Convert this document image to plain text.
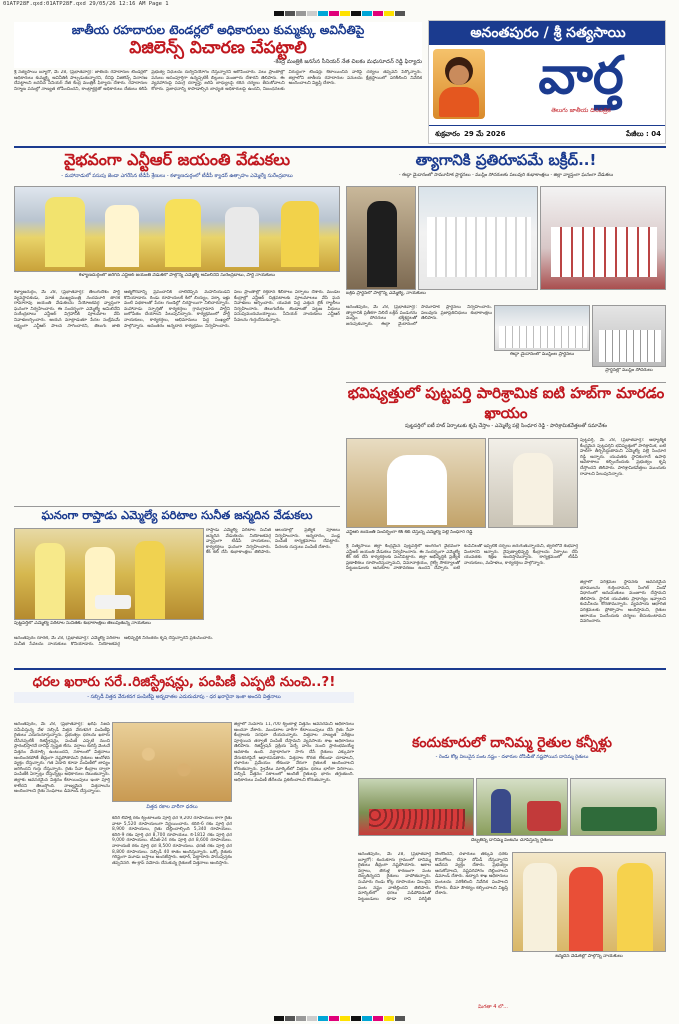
01ATP28F.qxd:01ATP28F.qxd 29/05/26 12:16 AM Page 1
జాతీయ రహదారుల టెండర్లలో అధికారులు కుమ్మక్కు అవినీతిపై
విజిలెన్స్ విచారణ చేపట్టాలి
-కేంద్ర మంత్రికి జనసేన సీనియర్ నేత చిలకం మధుసూదన్ రెడ్డి ఫిర్యాదు
శ్రీ సత్యసాయి బ్యూరో, మే 28, (ప్రభాతవార్త): జాతీయ రహదారుల టెండర్లలో అధికారులు కుమ్మక్కై అవినీతికి పాల్పడుతున్నారని, దీనిపై విజిలెన్స్ విచారణ చేపట్టాలని జనసేన సీనియర్ నేత కేంద్ర మంత్రికి ఫిర్యాదు చేశారు. రహదారుల నిర్మాణ పనుల్లో నాణ్యత లోపించిందని, కాంట్రాక్టర్లతో అధికారులు చేతులు కలిపి ప్రభుత్వ నిధులను దుర్వినియోగం చేస్తున్నారని ఆరోపించారు. పలు ప్రాంతాల్లో పనులు అసంపూర్తిగా ఉన్నప్పటికీ బిల్లులు మంజూరు చేశారని తెలిపారు. ఈ వ్యవహారంపై సమగ్ర దర్యాప్తు జరిపి బాధ్యులపై కఠిన చర్యలు తీసుకోవాలని కోరారు. ప్రజాధనాన్ని కాపాడాల్సిన బాధ్యత అధికారులపై ఉందని, నిబంధనలకు విరుద్ధంగా టెండర్లు కేటాయించిన వారిపై చర్యలు తప్పవని పేర్కొన్నారు. జిల్లాలోని జాతీయ రహదారుల పనులను క్షేత్రస్థాయిలో పరిశీలించి నివేదిక అందించాలని విజ్ఞప్తి చేశారు.
అనంతపురం / శ్రీ సత్యసాయి
వార్త
తెలుగు జాతీయ దినపత్రిక
శుక్రవారం 29 మే 2026	పేజీలు : 04
వైభవంగా ఎన్టీఆర్ జయంతి వేడుకలు
- మహానాడులో పసుపు జెండా ఎగరేసిన టీడీపీ శ్రేణులు - కళ్యాణదుర్గంలో టీడీపీ క్యాడర్ ఉత్సాహం ఎమ్మెల్యే సురేంద్రబాబు
కళ్యాణదుర్గంలో జరిగిన ఎన్టీఆర్ జయంతి వేడుకలో పాల్గొన్న ఎమ్మెల్యే అమిలినేని సురేంద్రబాబు, పార్టీ నాయకులు
కళ్యాణదుర్గం, మే 28, (ప్రభాతవార్త): తెలుగుదేశం పార్టీ వ్యవస్థాపకుడు, మాజీ ముఖ్యమంత్రి నందమూరి తారక రామారావు జయంతి వేడుకలను నియోజకవర్గ వ్యాప్తంగా ఘనంగా నిర్వహించారు. ఈ సందర్భంగా ఎమ్మెల్యే అమిలినేని సురేంద్రబాబు ఎన్టీఆర్ విగ్రహానికి పూలమాల వేసి నివాళులర్పించారు. ఆయన మాట్లాడుతూ పేదల సంక్షేమమే లక్ష్యంగా ఎన్టీఆర్ పాలన సాగించారని, తెలుగు జాతి ఆత్మగౌరవాన్ని ప్రపంచానికి చాటిచెప్పిన మహనీయుడని కొనియాడారు. రెండు రూపాయలకే కిలో బియ్యం, పక్కా ఇళ్లు వంటి పథకాలతో పేదల గుండెల్లో చిరస్థాయిగా నిలిచారన్నారు. మహానాడు స్ఫూర్తితో కార్యకర్తలు గ్రామగ్రామాన పార్టీని బలోపేతం చేయాలని పిలుపునిచ్చారు. కార్యక్రమంలో పార్టీ నాయకులు, కార్యకర్తలు, అభిమానులు పెద్ద సంఖ్యలో పాల్గొన్నారు. అనంతరం అన్నదాన కార్యక్రమం నిర్వహించారు. పలు ప్రాంతాల్లో రక్తదాన శిబిరాలు ఏర్పాటు చేశారు. మండల కేంద్రాల్లో ఎన్టీఆర్ చిత్రపటాలకు పూలమాలలు వేసి ఘన నివాళులు అర్పించారు. యువత పెద్ద ఎత్తున బైక్ ర్యాలీలు నిర్వహించారు. తెలుగుదేశం జెండాలతో పట్టణ వీధులు పసుపుమయమయ్యాయి. సీనియర్ నాయకులు ఎన్టీఆర్ సేవలను గుర్తుచేసుకున్నారు.
త్యాగానికి ప్రతిరూపమే బక్రీద్..!
- ఈద్గా మైదానంలో సామూహిక ప్రార్థనలు - ముస్లిం సోదరులకు పలువురి శుభాకాంక్షలు - జిల్లా వ్యాప్తంగా ఘనంగా వేడుకలు
బక్రీద్ ప్రార్థనలో పాల్గొన్న ఎమ్మెల్యే, నాయకులు
అనంతపురం, మే 28, (ప్రభాతవార్త): త్యాగానికి ప్రతీకగా నిలిచే బక్రీద్ పండుగను ముస్లిం సోదరులు భక్తిశ్రద్ధలతో జరుపుకున్నారు. ఈద్గా మైదానంలో సామూహిక ప్రార్థనలు నిర్వహించారు. పలువురు ప్రజాప్రతినిధులు శుభాకాంక్షలు తెలిపారు.
ఈద్గా మైదానంలో ముస్లింల ప్రార్థనలు
ప్రార్థనల్లో ముస్లిం సోదరులు
భవిష్యత్తులో పుట్టపర్తి పారిశ్రామిక ఐటి హబ్‌గా మారడం ఖాయం
పుట్టపర్తిలో ఐటీ హబ్ ఏర్పాటుకు కృషి చేస్తాం - ఎమ్మెల్యే పల్లె సింధూర రెడ్డి - పారిశ్రామికవేత్తలతో సమావేశం
ఎన్టీఆర్ జయంతి సందర్భంగా కేక్ కట్ చేస్తున్న ఎమ్మెల్యే పల్లె సింధూర రెడ్డి
పుట్టపర్తి, మే 28, (ప్రభాతవార్త): ఆధ్యాత్మిక కేంద్రమైన పుట్టపర్తిని భవిష్యత్తులో పారిశ్రామిక, ఐటి హబ్‌గా తీర్చిదిద్దుతామని ఎమ్మెల్యే పల్లె సింధూర రెడ్డి అన్నారు. యువతకు స్థానికంగానే ఉపాధి అవకాశాలు కల్పించేందుకు ప్రభుత్వం కృషి చేస్తోందని తెలిపారు. పారిశ్రామికవేత్తలు ముందుకు రావాలని పిలుపునిచ్చారు.
శ్రీ సత్యసాయి జిల్లా కేంద్రమైన పుట్టపర్తిలో అంగరంగ వైభవంగా ఎన్టీఆర్ జయంతి వేడుకలు నిర్వహించారు. ఈ సందర్భంగా ఎమ్మెల్యే కేక్ కట్ చేసి కార్యకర్తలకు పంచిపెట్టారు. జిల్లా అభివృద్ధికి ప్రత్యేక ప్రణాళికలు రూపొందిస్తున్నామని, విమానాశ్రయం, రైల్వే సౌకర్యాలతో పెట్టుబడులకు అనుకూల వాతావరణం ఉందని చెప్పారు. ఐటి కంపెనీలతో ఇప్పటికే చర్చలు జరుగుతున్నాయని, త్వరలోనే శుభవార్త వింటారని అన్నారు. నైపుణ్యాభివృద్ధి కేంద్రాలను ఏర్పాటు చేసి యువతకు శిక్షణ అందిస్తామన్నారు. కార్యక్రమంలో టీడీపీ నాయకులు, మహిళలు, కార్యకర్తలు పాల్గొన్నారు.
జిల్లాలో పరిశ్రమల స్థాపనకు అవసరమైన భూములను గుర్తించామని, సింగిల్ విండో విధానంలో అనుమతులు మంజూరు చేస్తామని తెలిపారు. స్థానిక యువతకు ప్రాధాన్యం ఇవ్వాలని కంపెనీలను కోరతామన్నారు. వ్యవసాయ ఆధారిత పరిశ్రమలకు ప్రోత్సాహం అందిస్తామని, రైతుల ఆదాయం పెంచేందుకు చర్యలు తీసుకుంటామని వివరించారు.
ఘనంగా రాప్తాడు ఎమ్మెల్యే పరిటాల సునీత జన్మదిన వేడుకలు
పుట్టపర్తిలో ఎమ్మెల్యే పరిటాల సునీతకు శుభాకాంక్షలు తెలుపుతున్న నాయకులు
రాప్తాడు ఎమ్మెల్యే పరిటాల సునీత జన్మదిన వేడుకలను నియోజకవర్గ వ్యాప్తంగా టీడీపీ నాయకులు, కార్యకర్తలు ఘనంగా నిర్వహించారు. కేక్ కట్ చేసి శుభాకాంక్షలు తెలిపారు. ఆలయాల్లో ప్రత్యేక పూజలు నిర్వహించారు. అన్నదానం, పండ్ల పంపిణీ కార్యక్రమాలు చేపట్టారు. పేదలకు దుస్తులు పంపిణీ చేశారు.
అనంతపురం రూరల్, మే 28, (ప్రభాతవార్త): ఎమ్మెల్యే పరిటాల సునీత సేవలను నాయకులు కొనియాడారు. నియోజకవర్గ అభివృద్ధికి నిరంతరం కృషి చేస్తున్నారని ప్రశంసించారు.
ధరల ఖరారు సరే..రిజిస్ట్రేషన్లు, పంపిణీ ఎప్పటి నుంచి..?!
- సబ్సిడీ విత్తన వేరుశనగ పంపిణీపై అన్నదాతల ఎదురుచూపు - ధర ఖరారైనా ఇంకా అందని విత్తనాలు
అనంతపురం, మే 28, (ప్రభాతవార్త): ఖరీఫ్ సీజన్ సమీపిస్తున్న వేళ సబ్సిడీ విత్తన వేరుశనగ పంపిణీపై రైతులు ఎదురుచూస్తున్నారు. ప్రభుత్వం ధరలను ఖరారు చేసినప్పటికీ రిజిస్ట్రేషన్లు, పంపిణీ ఎప్పటి నుంచి ప్రారంభిస్తారనే దానిపై స్పష్టత లేదు. వర్షాలు కురిస్తే వెంటనే విత్తనం వేయాల్సి ఉంటుందని, సకాలంలో విత్తనాలు అందించకపోతే తీవ్రంగా నష్టపోతామని రైతులు ఆందోళన వ్యక్తం చేస్తున్నారు. గత ఏడాది కూడా పంపిణీలో జాప్యం జరిగిందని గుర్తు చేస్తున్నారు. రైతు సేవా కేంద్రాల ద్వారా పంపిణీకి ఏర్పాట్లు చేస్తున్నట్లు అధికారులు చెబుతున్నారు. జిల్లాకు అవసరమైన విత్తనం కేటాయింపులు ఇంకా పూర్తి కాలేదని తెలుస్తోంది. నాణ్యమైన విత్తనాలను అందించాలని రైతు సంఘాలు డిమాండ్ చేస్తున్నాయి.
విత్తన రకాల వారీగా ధరలు
కదిరి లేపాక్షి రకం క్వింటాలుకు పూర్తి ధర 9,200 రూపాయలు కాగా రైతు వాటా 5,520 రూపాయలుగా నిర్ణయించారు. కదిరి-6 రకం పూర్తి ధర 8,900 రూపాయలు, రైతు చెల్లించాల్సింది 5,340 రూపాయలు. కదిరి-9 రకం పూర్తి ధర 8,700 రూపాయలు. కె-1812 రకం పూర్తి ధర 9,000 రూపాయలు. టీఏజీ-24 రకం పూర్తి ధర 8,600 రూపాయలు. నారాయణి రకం పూర్తి ధర 8,500 రూపాయలు. ధరణి రకం పూర్తి ధర 8,800 రూపాయలు. సబ్సిడీ 40 శాతం అందిస్తున్నారు. ఒక్కో రైతుకు గరిష్టంగా మూడు బస్తాలు అందజేస్తారు. ఆధార్, పట్టాదారు పాసుపుస్తకం తప్పనిసరి. ఈ-క్రాప్ నమోదు చేసుకున్న రైతులకే విత్తనాలు అందిస్తారు.
జిల్లాలో సుమారు 11,700 క్వింటాళ్ల విత్తనం అవసరమని అధికారులు అంచనా వేశారు. మండలాల వారీగా కేటాయింపులు చేసి రైతు సేవా కేంద్రాలకు సరఫరా చేయనున్నారు. విత్తనాల నాణ్యత పరీక్షలు పూర్తయిన తర్వాతే పంపిణీ చేస్తామని వ్యవసాయ శాఖ అధికారులు తెలిపారు. రిజిస్ట్రేషన్ ప్రక్రియ వచ్చే వారం నుంచి ప్రారంభమయ్యే అవకాశం ఉంది. వర్షాధారంగా సాగు చేసే రైతులు ఎక్కువగా వేరుశనగపైనే ఆధారపడతారు. విత్తనాల కొరత లేకుండా చూడాలని, దళారుల ప్రమేయం లేకుండా నేరుగా రైతులకే అందించాలని కోరుతున్నారు. ప్రైవేటు మార్కెట్‌లో విత్తనం ధరలు భారీగా పెరిగాయి. సబ్సిడీ విత్తనం సకాలంలో అందితే రైతులపై భారం తగ్గుతుంది. అధికారులు పంపిణీ తేదీలను ప్రకటించాలని కోరుతున్నారు.
కందుకూరులో దానిమ్మ రైతుల కన్నీళ్లు
- రెండు కోట్ల విలువైన పంట నష్టం - దళారుల దోపిడీతో నష్టపోయిన దానిమ్మ రైతులు
దెబ్బతిన్న దానిమ్మ పంటను చూపిస్తున్న రైతులు
అనంతపురం, మే 28, (ప్రభాతవార్త బ్యూరో): కందుకూరు గ్రామంలో దానిమ్మ రైతులు తీవ్రంగా నష్టపోయారు. అకాల వర్షాలు, తెగుళ్ల కారణంగా పంట దెబ్బతిన్నదని రైతులు వాపోతున్నారు. సుమారు రెండు కోట్ల రూపాయల విలువైన పంట నష్టం వాటిల్లిందని తెలిపారు. మార్కెట్‌లో ధరలు పడిపోవడంతో పెట్టుబడులు కూడా రాని పరిస్థితి నెలకొందని, దళారులు తక్కువ ధరకు కొనుగోలు చేస్తూ దోపిడీ చేస్తున్నారని ఆవేదన వ్యక్తం చేశారు. ప్రభుత్వం ఆదుకోవాలని, నష్టపరిహారం చెల్లించాలని డిమాండ్ చేశారు. ఉద్యాన శాఖ అధికారులు పంటలను పరిశీలించి నివేదిక పంపాలని కోరారు. బీమా సౌకర్యం కల్పించాలని విజ్ఞప్తి చేశారు.
జన్మదిన వేడుకల్లో పాల్గొన్న నాయకులు
మిగతా 4 లో...
